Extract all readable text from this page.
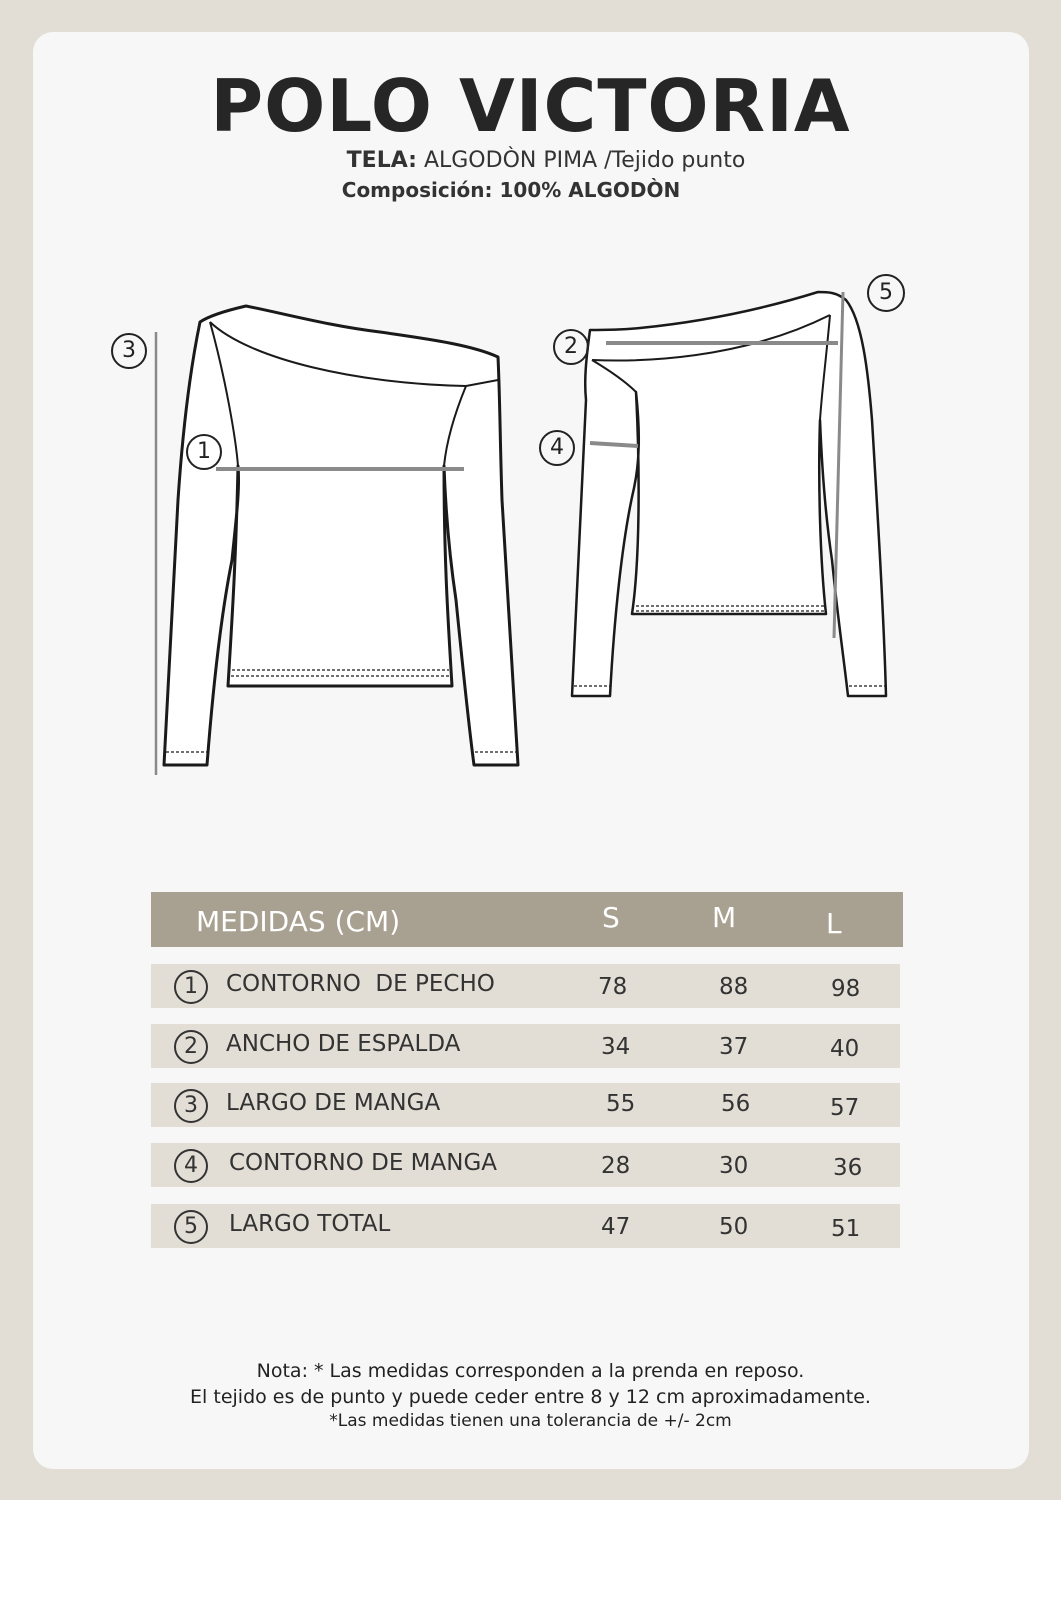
POLO VICTORIA
TELA: ALGODÒN PIMA /Tejido punto
Composición: 100% ALGODÒN
3
1
2
4
5
MEDIDAS (CM)	S	M	L
1	CONTORNO  DE PECHO	78	88	98
2	ANCHO DE ESPALDA	34	37	40
3	LARGO DE MANGA	55	56	57
4	CONTORNO DE MANGA	28	30	36
5	LARGO TOTAL	47	50	51
Nota: * Las medidas corresponden a la prenda en reposo.
El tejido es de punto y puede ceder entre 8 y 12 cm aproximadamente.
*Las medidas tienen una tolerancia de +/- 2cm
